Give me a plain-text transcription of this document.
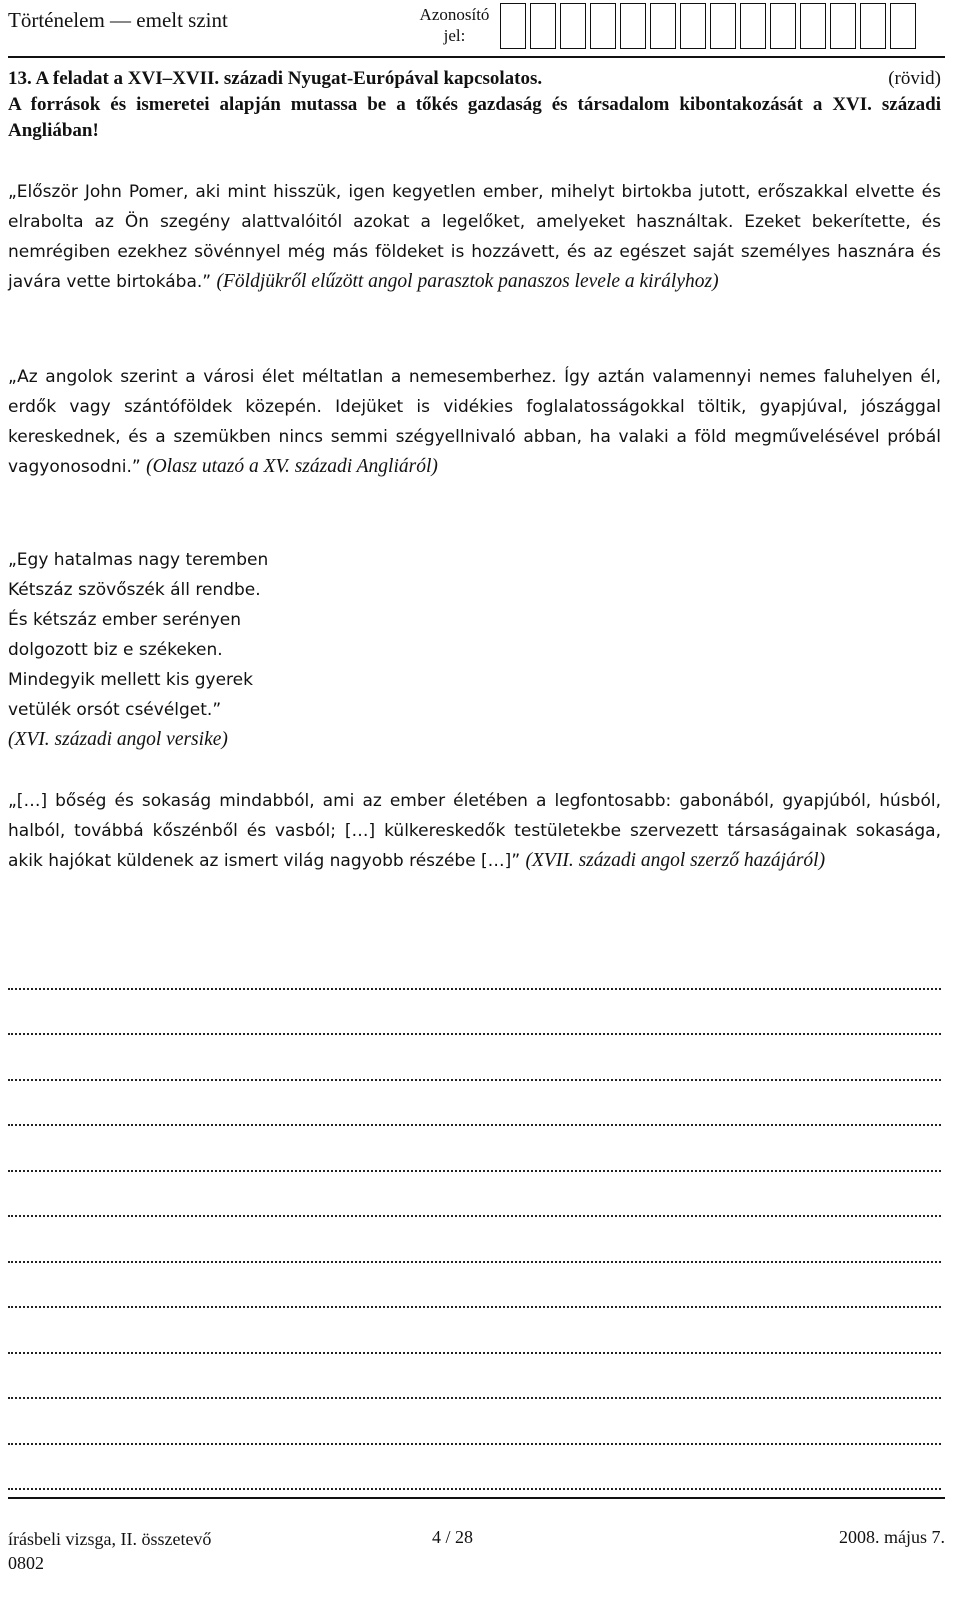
Történelem — emelt szint	Azonosító
jel:
13. A feladat a XVI–XVII. századi Nyugat-Európával kapcsolatos.	(rövid)
A források és ismeretei alapján mutassa be a tőkés gazdaság és társadalom kibontakozását a XVI. századi Angliában!
„Először John Pomer, aki mint hisszük, igen kegyetlen ember, mihelyt birtokba jutott, erőszakkal elvette és elrabolta az Ön szegény alattvalóitól azokat a legelőket, amelyeket használtak. Ezeket bekerítette, és nemrégiben ezekhez sövénnyel még más földeket is hozzávett, és az egészet saját személyes hasznára és javára vette birtokába.” (Földjükről elűzött angol parasztok panaszos levele a királyhoz)
„Az angolok szerint a városi élet méltatlan a nemesemberhez. Így aztán valamennyi nemes faluhelyen él, erdők vagy szántóföldek közepén. Idejüket is vidékies foglalatosságokkal töltik, gyapjúval, jószággal kereskednek, és a szemükben nincs semmi szégyellnivaló abban, ha valaki a föld megművelésével próbál vagyonosodni.” (Olasz utazó a XV. századi Angliáról)
„Egy hatalmas nagy teremben
Kétszáz szövőszék áll rendbe.
És kétszáz ember serényen
dolgozott biz e székeken.
Mindegyik mellett kis gyerek
vetülék orsót csévélget.”
(XVI. századi angol versike)
„[…] bőség és sokaság mindabból, ami az ember életében a legfontosabb: gabonából, gyapjúból, húsból, halból, továbbá kőszénből és vasból; […] külkereskedők testületekbe szervezett társaságainak sokasága, akik hajókat küldenek az ismert világ nagyobb részébe […]” (XVII. századi angol szerző hazájáról)
írásbeli vizsga, II. összetevő
0802
4 / 28	2008. május 7.
